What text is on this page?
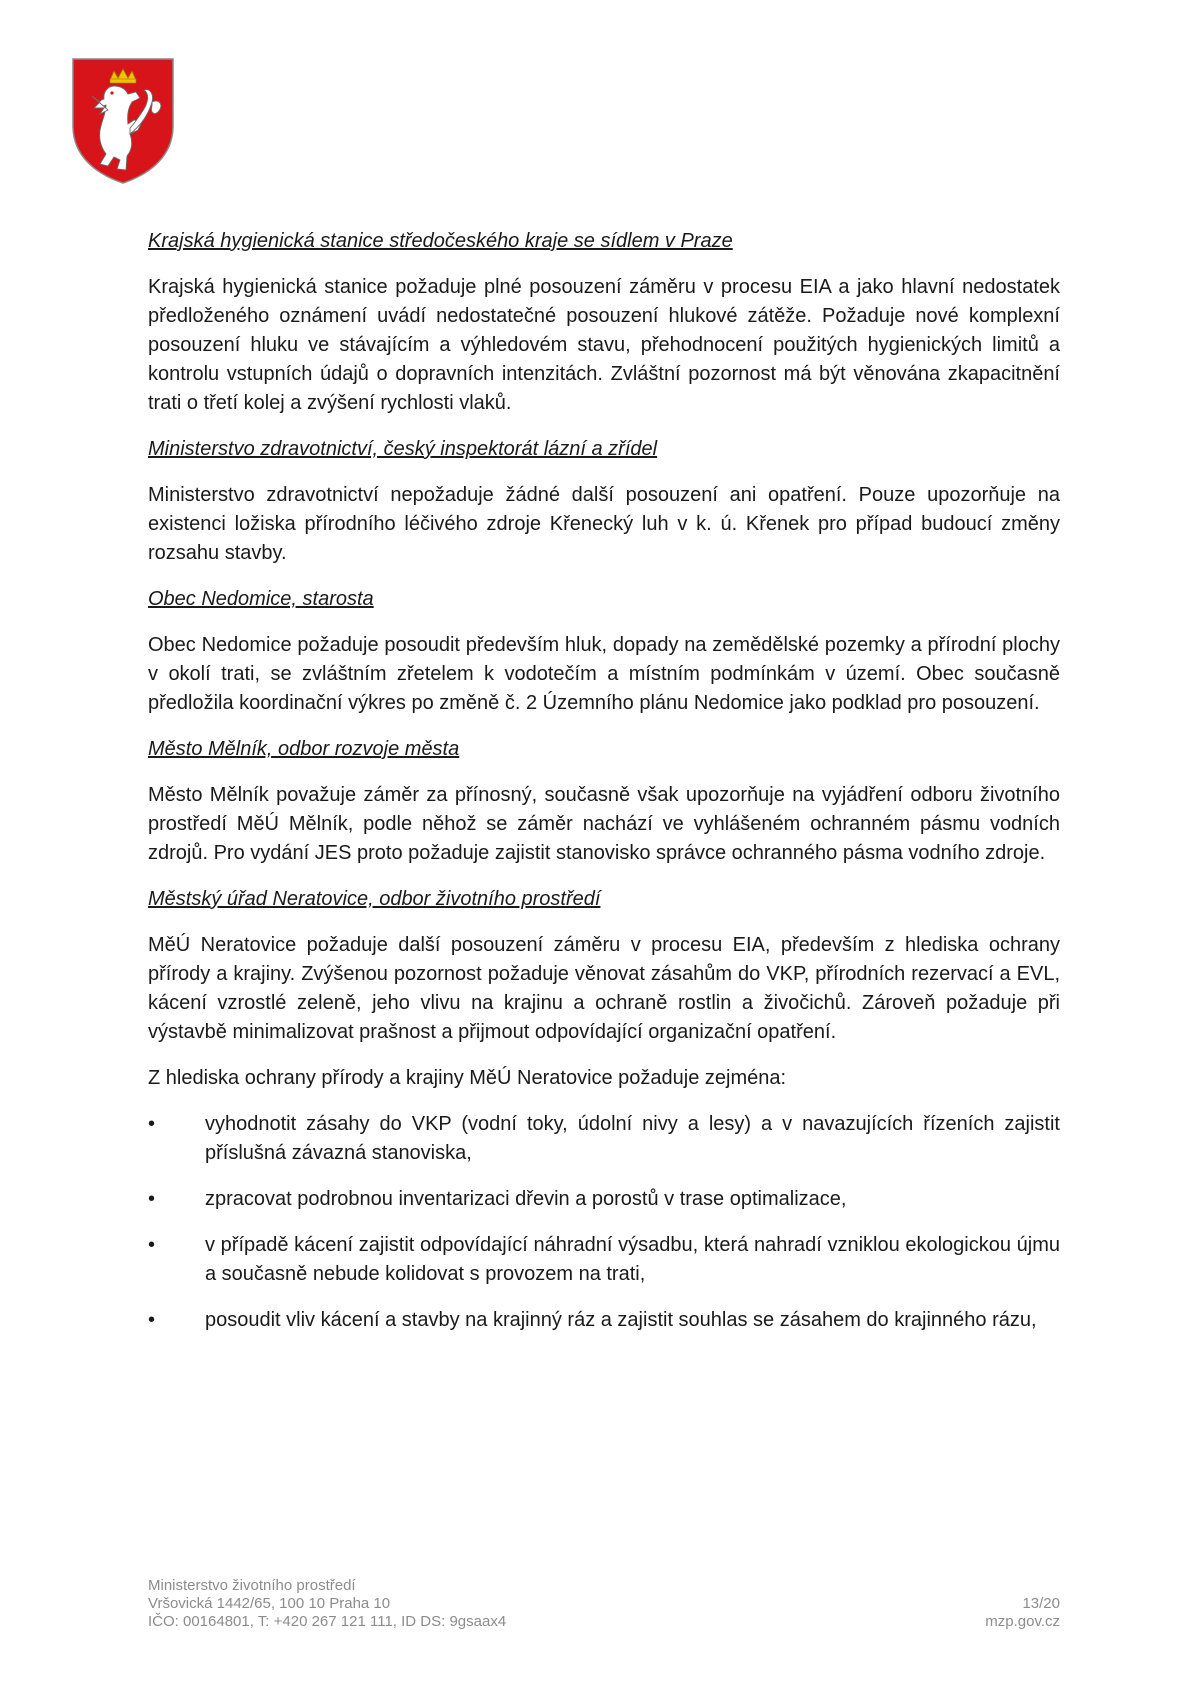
Krajská hygienická stanice středočeského kraje se sídlem v Praze
Krajská hygienická stanice požaduje plné posouzení záměru v procesu EIA a jako hlavní nedostatek předloženého oznámení uvádí nedostatečné posouzení hlukové zátěže. Požaduje nové komplexní posouzení hluku ve stávajícím a výhledovém stavu, přehodnocení použitých hygienických limitů a kontrolu vstupních údajů o dopravních intenzitách. Zvláštní pozornost má být věnována zkapacitnění trati o třetí kolej a zvýšení rychlosti vlaků.
Ministerstvo zdravotnictví, český inspektorát lázní a zřídel
Ministerstvo zdravotnictví nepožaduje žádné další posouzení ani opatření. Pouze upozorňuje na existenci ložiska přírodního léčivého zdroje Křenecký luh v k. ú. Křenek pro případ budoucí změny rozsahu stavby.
Obec Nedomice, starosta
Obec Nedomice požaduje posoudit především hluk, dopady na zemědělské pozemky a přírodní plochy v okolí trati, se zvláštním zřetelem k vodotečím a místním podmínkám v území. Obec současně předložila koordinační výkres po změně č. 2 Územního plánu Nedomice jako podklad pro posouzení.
Město Mělník, odbor rozvoje města
Město Mělník považuje záměr za přínosný, současně však upozorňuje na vyjádření odboru životního prostředí MěÚ Mělník, podle něhož se záměr nachází ve vyhlášeném ochranném pásmu vodních zdrojů. Pro vydání JES proto požaduje zajistit stanovisko správce ochranného pásma vodního zdroje.
Městský úřad Neratovice, odbor životního prostředí
MěÚ Neratovice požaduje další posouzení záměru v procesu EIA, především z hlediska ochrany přírody a krajiny. Zvýšenou pozornost požaduje věnovat zásahům do VKP, přírodních rezervací a EVL, kácení vzrostlé zeleně, jeho vlivu na krajinu a ochraně rostlin a živočichů. Zároveň požaduje při výstavbě minimalizovat prašnost a přijmout odpovídající organizační opatření.
Z hlediska ochrany přírody a krajiny MěÚ Neratovice požaduje zejména:
• vyhodnotit zásahy do VKP (vodní toky, údolní nivy a lesy) a v navazujících řízeních zajistit příslušná závazná stanoviska,
• zpracovat podrobnou inventarizaci dřevin a porostů v trase optimalizace,
• v případě kácení zajistit odpovídající náhradní výsadbu, která nahradí vzniklou ekologickou újmu a současně nebude kolidovat s provozem na trati,
• posoudit vliv kácení a stavby na krajinný ráz a zajistit souhlas se zásahem do krajinného rázu,
Ministerstvo životního prostředí
Vršovická 1442/65, 100 10 Praha 10	13/20
IČO: 00164801, T: +420 267 121 111, ID DS: 9gsaax4	mzp.gov.cz
